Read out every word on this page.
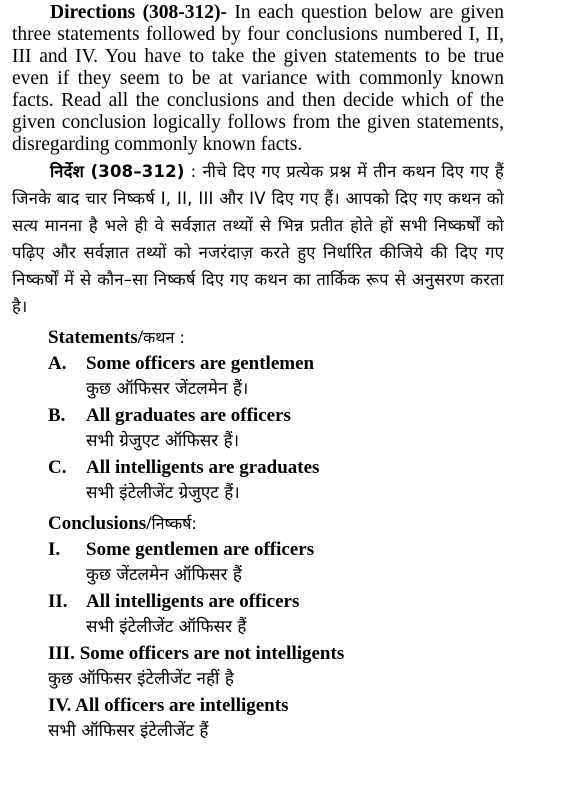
Directions (308-312)- In each question below are given three statements followed by four conclusions numbered I, II, III and IV. You have to take the given statements to be true even if they seem to be at variance with commonly known facts. Read all the conclusions and then decide which of the given conclusion logically follows from the given statements, disregarding commonly known facts.

निर्देश (308–312) : नीचे दिए गए प्रत्येक प्रश्न में तीन कथन दिए गए हैं जिनके बाद चार निष्कर्ष I, II, III और IV दिए गए हैं। आपको दिए गए कथन को सत्य मानना है भले ही वे सर्वज्ञात तथ्यों से भिन्न प्रतीत होते हों सभी निष्कर्षों को पढ़िए और सर्वज्ञात तथ्यों को नजरंदाज़ करते हुए निर्धारित कीजिये की दिए गए निष्कर्षों में से कौन–सा निष्कर्ष दिए गए कथन का तार्किक रूप से अनुसरण करता है।

Statements/कथन :
A.	Some officers are gentlemen
कुछ ऑफिसर जेंटलमेन हैं।
B.	All graduates are officers
सभी ग्रेजुएट ऑफिसर हैं।
C.	All intelligents are graduates
सभी इंटेलीजेंट ग्रेजुएट हैं।
Conclusions/निष्कर्ष:
I.	Some gentlemen are officers
कुछ जेंटलमेन ऑफिसर हैं
II. All intelligents are officers
सभी इंटेलीजेंट ऑफिसर हैं
III. Some officers are not intelligents
कुछ ऑफिसर इंटेलीजेंट नहीं है
IV. All officers are intelligents
सभी ऑफिसर इंटेलीजेंट हैं
